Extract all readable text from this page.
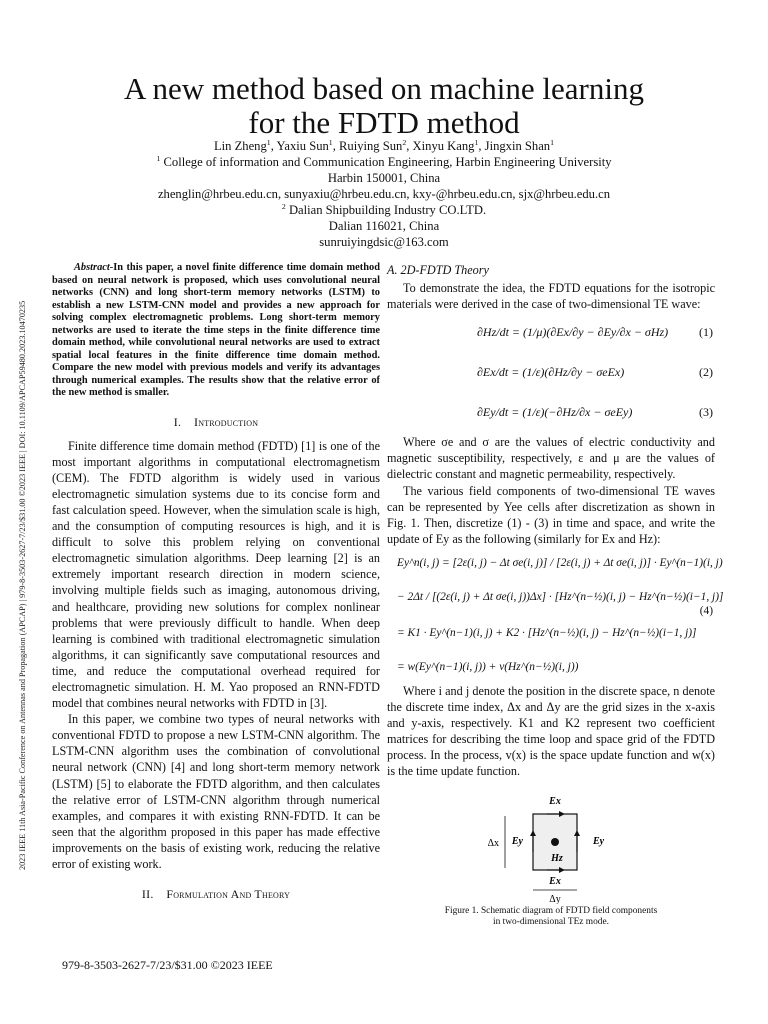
2023 IEEE 11th Asia-Pacific Conference on Antennas and Propagation (APCAP) | 979-8-3503-2627-7/23/$31.00 ©2023 IEEE | DOI: 10.1109/APCAP59480.2023.10470235
A new method based on machine learning
for the FDTD method

Lin Zheng$^1$, Yaxiu Sun$^1$, Ruiying Sun$^2$, Xinyu Kang$^1$, Jingxin Shan$^1$

$^1$ College of information and Communication Engineering, Harbin Engineering University

Harbin 150001, China

zhenglin@hrbeu.edu.cn, sunyaxiu@hrbeu.edu.cn, kxy-@hrbeu.edu.cn, sjx@hrbeu.edu.cn

$^2$ Dalian Shipbuilding Industry CO.LTD.

Dalian 116021, China

sunruiyingdsic@163.com

Abstract-In this paper, a novel finite difference time domain method based on neural network is proposed, which uses convolutional neural networks (CNN) and long short-term memory networks (LSTM) to establish a new LSTM-CNN model and provides a new approach for solving complex electromagnetic problems. Long short-term memory networks are used to iterate the time steps in the finite difference time domain method, while convolutional neural networks are used to extract spatial local features in the finite difference time domain method. Compare the new model with previous models and verify its advantages through numerical examples. The results show that the relative error of the new method is smaller.

I. Introduction

Finite difference time domain method (FDTD) [1] is one of the most important algorithms in computational electromagnetism (CEM). The FDTD algorithm is widely used in various electromagnetic simulation systems due to its concise form and fast calculation speed. However, when the simulation scale is high, and the consumption of computing resources is high, and it is difficult to solve this problem relying on conventional electromagnetic simulation algorithms. Deep learning [2] is an extremely important research direction in modern science, involving multiple fields such as imaging, autonomous driving, and healthcare, providing new solutions for complex nonlinear problems that were previously difficult to handle. When deep learning is combined with traditional electromagnetic simulation algorithms, it can significantly save computational resources and time, and reduce the computational overhead required for electromagnetic simulation. H. M. Yao proposed an RNN-FDTD model that combines neural networks with FDTD in [3].

In this paper, we combine two types of neural networks with conventional FDTD to propose a new LSTM-CNN algorithm. The LSTM-CNN algorithm uses the combination of convolutional neural network (CNN) [4] and long short-term memory network (LSTM) [5] to elaborate the FDTD algorithm, and then calculates the relative error of LSTM-CNN algorithm through numerical examples, and compares it with existing RNN-FDTD. It can be seen that the algorithm proposed in this paper has made effective improvements on the basis of existing work, reducing the relative error of existing work.

II. Formulation And Theory
A. 2D-FDTD Theory

To demonstrate the idea, the FDTD equations for the isotropic materials were derived in the case of two-dimensional TE wave:

∂Hz/dt = (1/μ)(∂Ex/∂y − ∂Ey/∂x − σHz)	(1)
∂Ex/dt = (1/ε)(∂Hz/∂y − σeEx)	(2)
∂Ey/dt = (1/ε)(−∂Hz/∂x − σeEy)	(3)

Where σe and σ are the values of electric conductivity and magnetic susceptibility, respectively, ε and μ are the values of dielectric constant and magnetic permeability, respectively.

The various field components of two-dimensional TE waves can be represented by Yee cells after discretization as shown in Fig. 1. Then, discretize (1) - (3) in time and space, and write the update of Ey as the following (similarly for Ex and Hz):

Ey^n(i, j) = [2ε(i, j) − Δt σe(i, j)] / [2ε(i, j) + Δt σe(i, j)] · Ey^(n−1)(i, j)
− 2Δt / [(2ε(i, j) + Δt σe(i, j))Δx] · [Hz^(n−½)(i, j) − Hz^(n−½)(i−1, j)]
= K1 · Ey^(n−1)(i, j) + K2 · [Hz^(n−½)(i, j) − Hz^(n−½)(i−1, j)]
= w(Ey^(n−1)(i, j)) + v(Hz^(n−½)(i, j))
(4)

Where i and j denote the position in the discrete space, n denote the discrete time index, Δx and Δy are the grid sizes in the x-axis and y-axis, respectively. K1 and K2 represent two coefficient matrices for describing the time loop and space grid of the FDTD process. In the process, v(x) is the space update function and w(x) is the time update function.

Ex
Ex
Ey	Ey
Hz
Δx
Δy
Figure 1. Schematic diagram of FDTD field components
in two-dimensional TEz mode.
979-8-3503-2627-7/23/$31.00 ©2023 IEEE
